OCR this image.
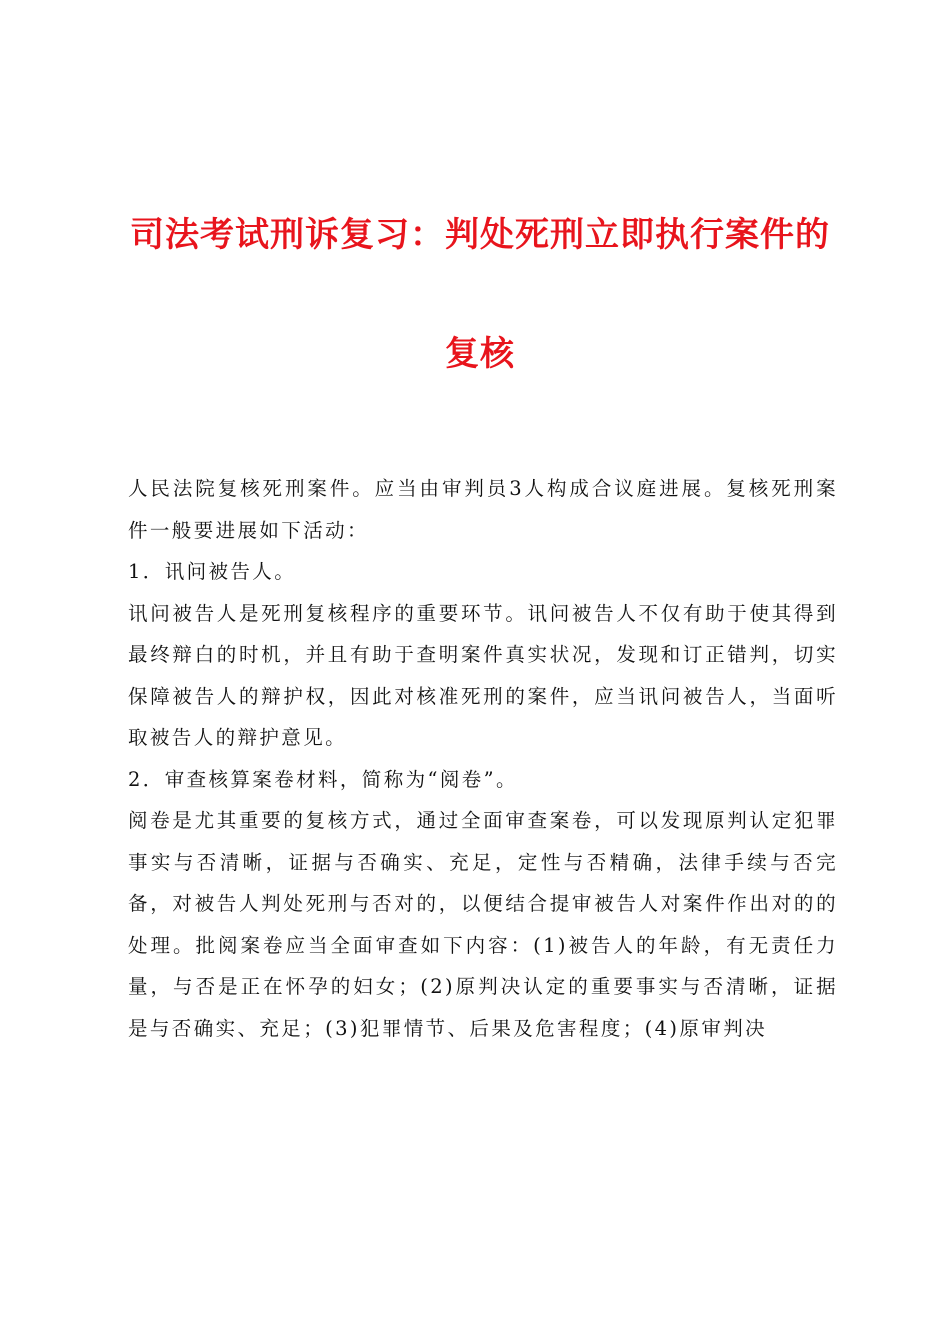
司法考试刑诉复习：判处死刑立即执行案件的
复核

人民法院复核死刑案件。应当由审判员3人构成合议庭进展。复核死刑案件一般要进展如下活动：

1．讯问被告人。

讯问被告人是死刑复核程序的重要环节。讯问被告人不仅有助于使其得到最终辩白的时机，并且有助于查明案件真实状况，发现和订正错判，切实保障被告人的辩护权，因此对核准死刑的案件，应当讯问被告人，当面听取被告人的辩护意见。

2．审查核算案卷材料，简称为“阅卷”。

阅卷是尤其重要的复核方式，通过全面审查案卷，可以发现原判认定犯罪事实与否清晰，证据与否确实、充足，定性与否精确，法律手续与否完备，对被告人判处死刑与否对的，以便结合提审被告人对案件作出对的的处理。批阅案卷应当全面审查如下内容：(1)被告人的年龄，有无责任力量，与否是正在怀孕的妇女；(2)原判决认定的重要事实与否清晰，证据是与否确实、充足；(3)犯罪情节、后果及危害程度；(4)原审判决
